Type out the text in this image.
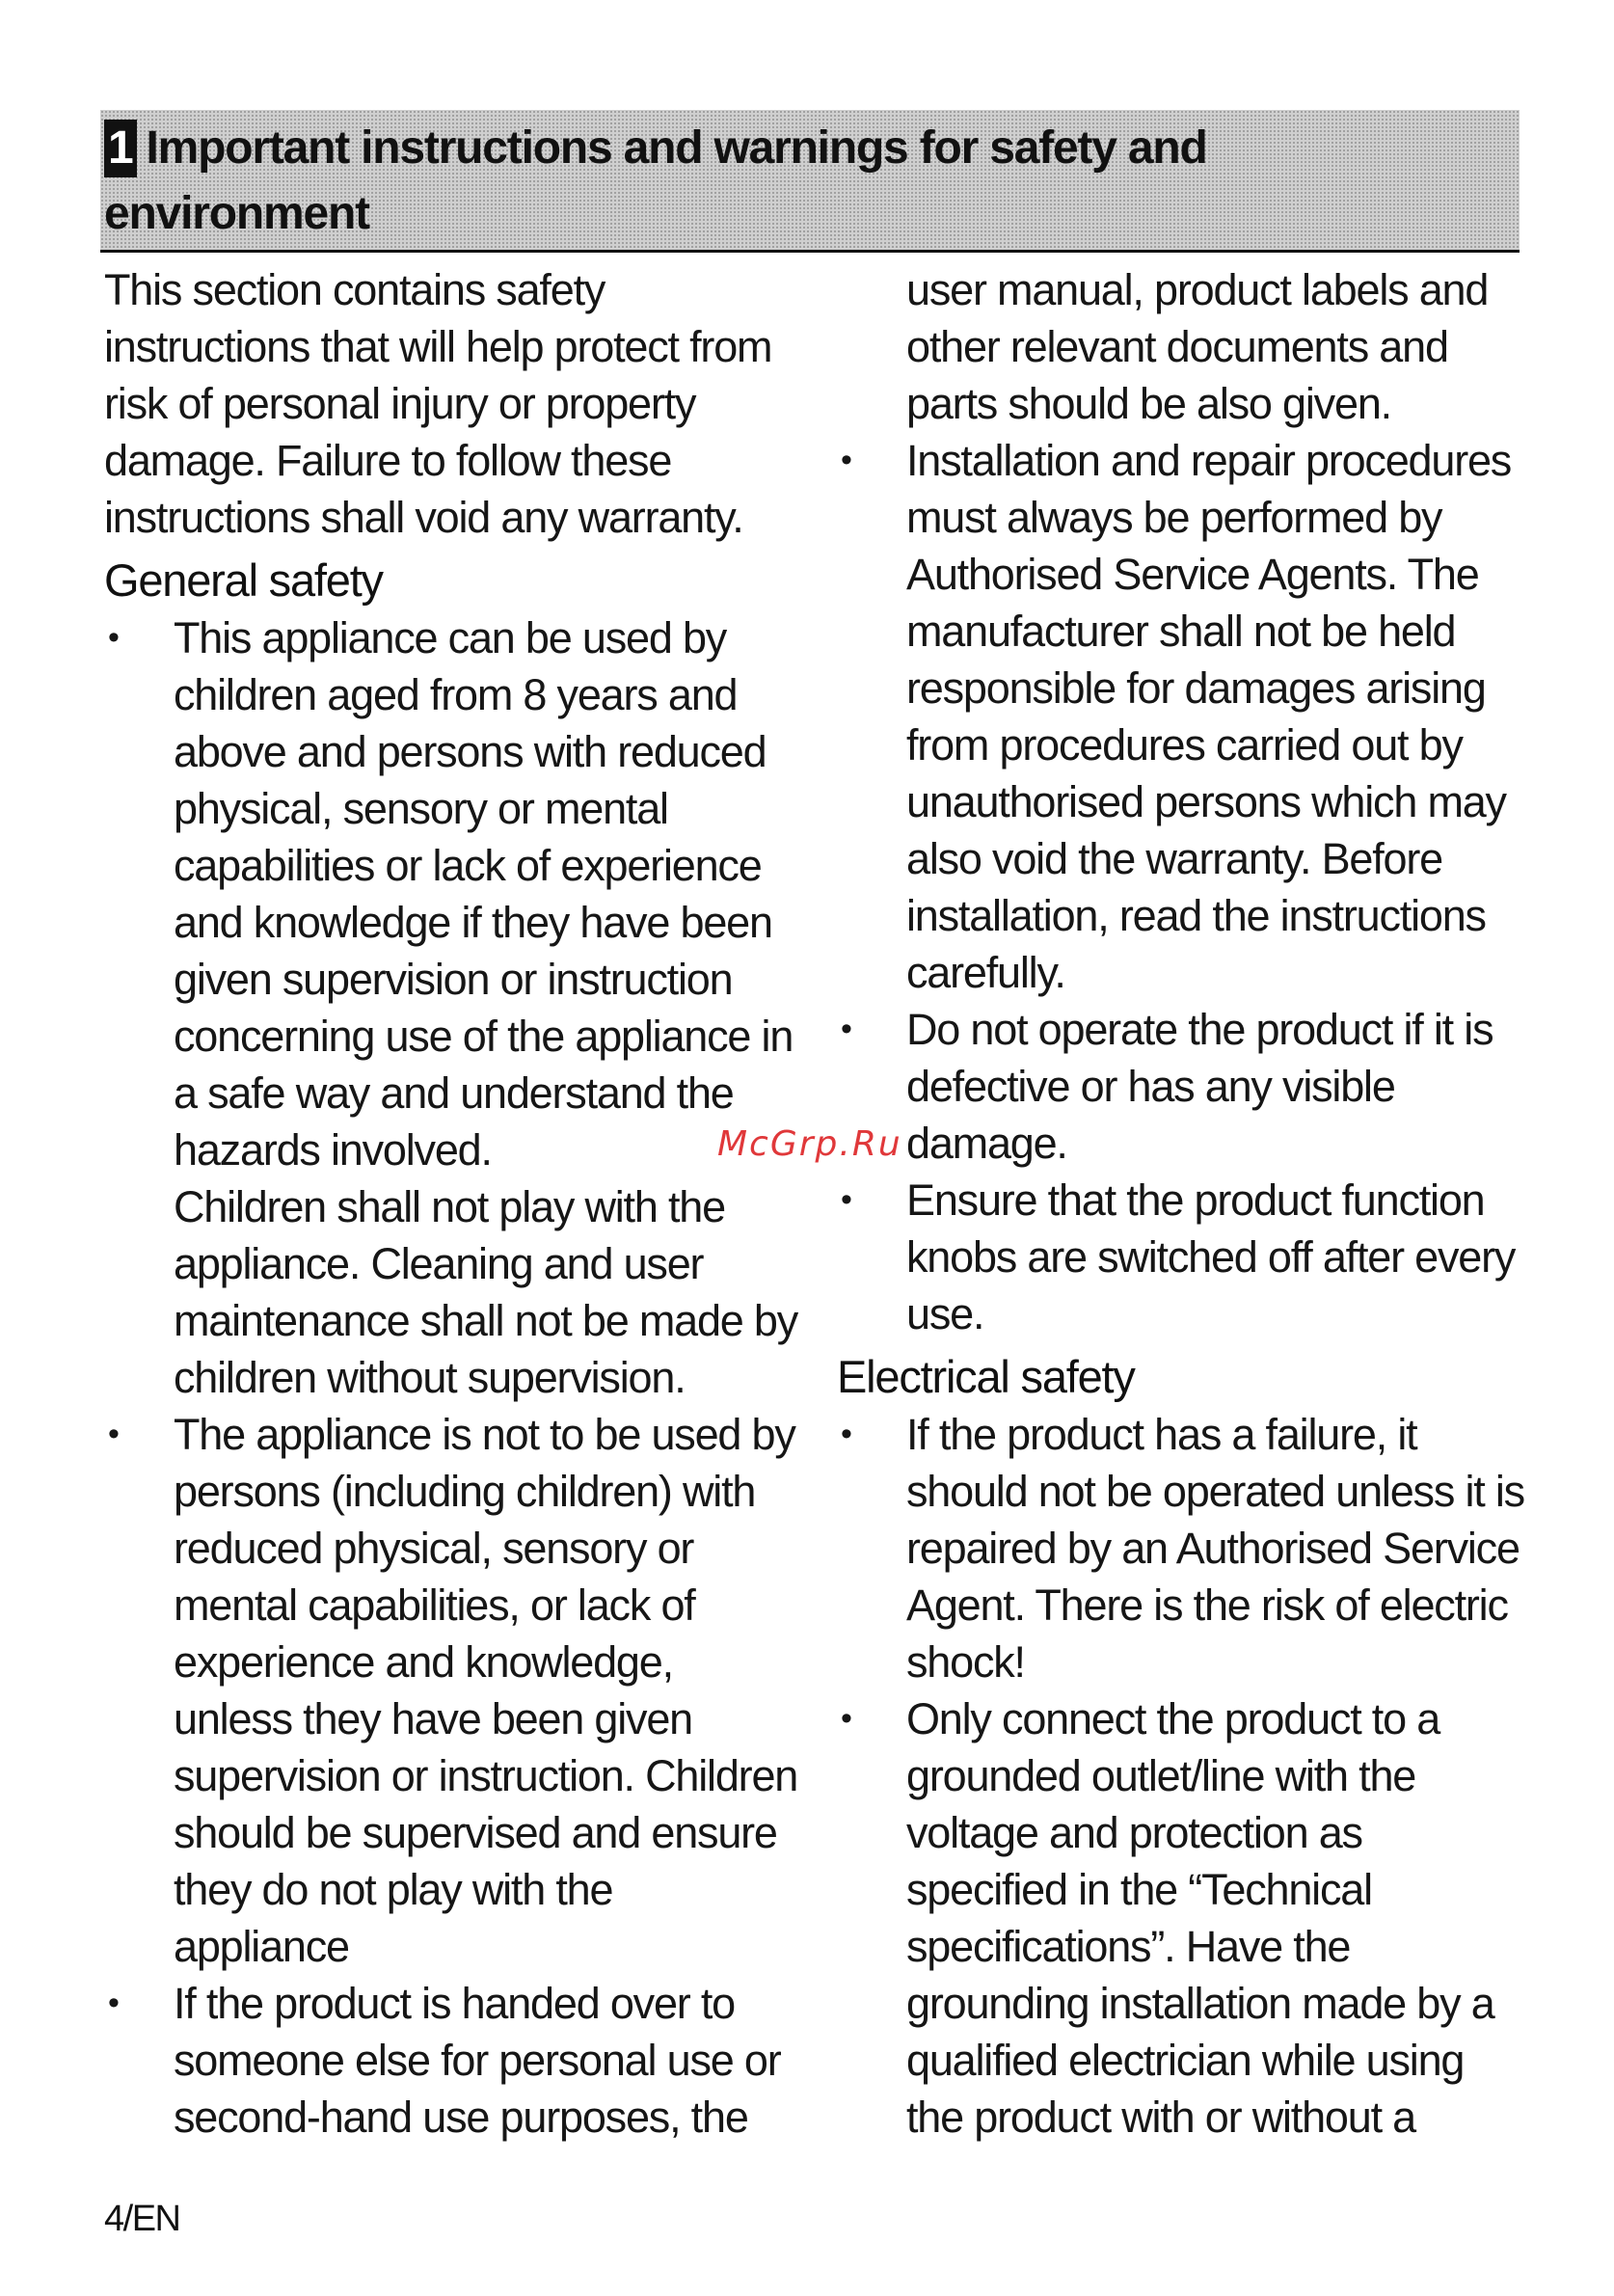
1 Important instructions and warnings for safety and
environment

This section contains safety instructions that will help protect from risk of personal injury or property damage. Failure to follow these instructions shall void any warranty.

General safety
• This appliance can be used by children aged from 8 years and above and persons with reduced physical, sensory or mental capabilities or lack of experience and knowledge if they have been given supervision or instruction concerning use of the appliance in a safe way and understand the hazards involved.

Children shall not play with the appliance. Cleaning and user maintenance shall not be made by children without supervision.

• The appliance is not to be used by persons (including children) with reduced physical, sensory or mental capabilities, or lack of experience and knowledge, unless they have been given supervision or instruction. Children should be supervised and ensure they do not play with the appliance
• If the product is handed over to someone else for personal use or second-hand use purposes, the

user manual, product labels and other relevant documents and parts should be also given.

• Installation and repair procedures must always be performed by Authorised Service Agents. The manufacturer shall not be held responsible for damages arising from procedures carried out by unauthorised persons which may also void the warranty. Before installation, read the instructions carefully.
• Do not operate the product if it is defective or has any visible damage.
• Ensure that the product function knobs are switched off after every use.
Electrical safety
• If the product has a failure, it should not be operated unless it is repaired by an Authorised Service Agent. There is the risk of electric shock!
• Only connect the product to a grounded outlet/line with the voltage and protection as specified in the “Technical specifications”. Have the grounding installation made by a qualified electrician while using the product with or without a
McGrp.Ru
4/EN
